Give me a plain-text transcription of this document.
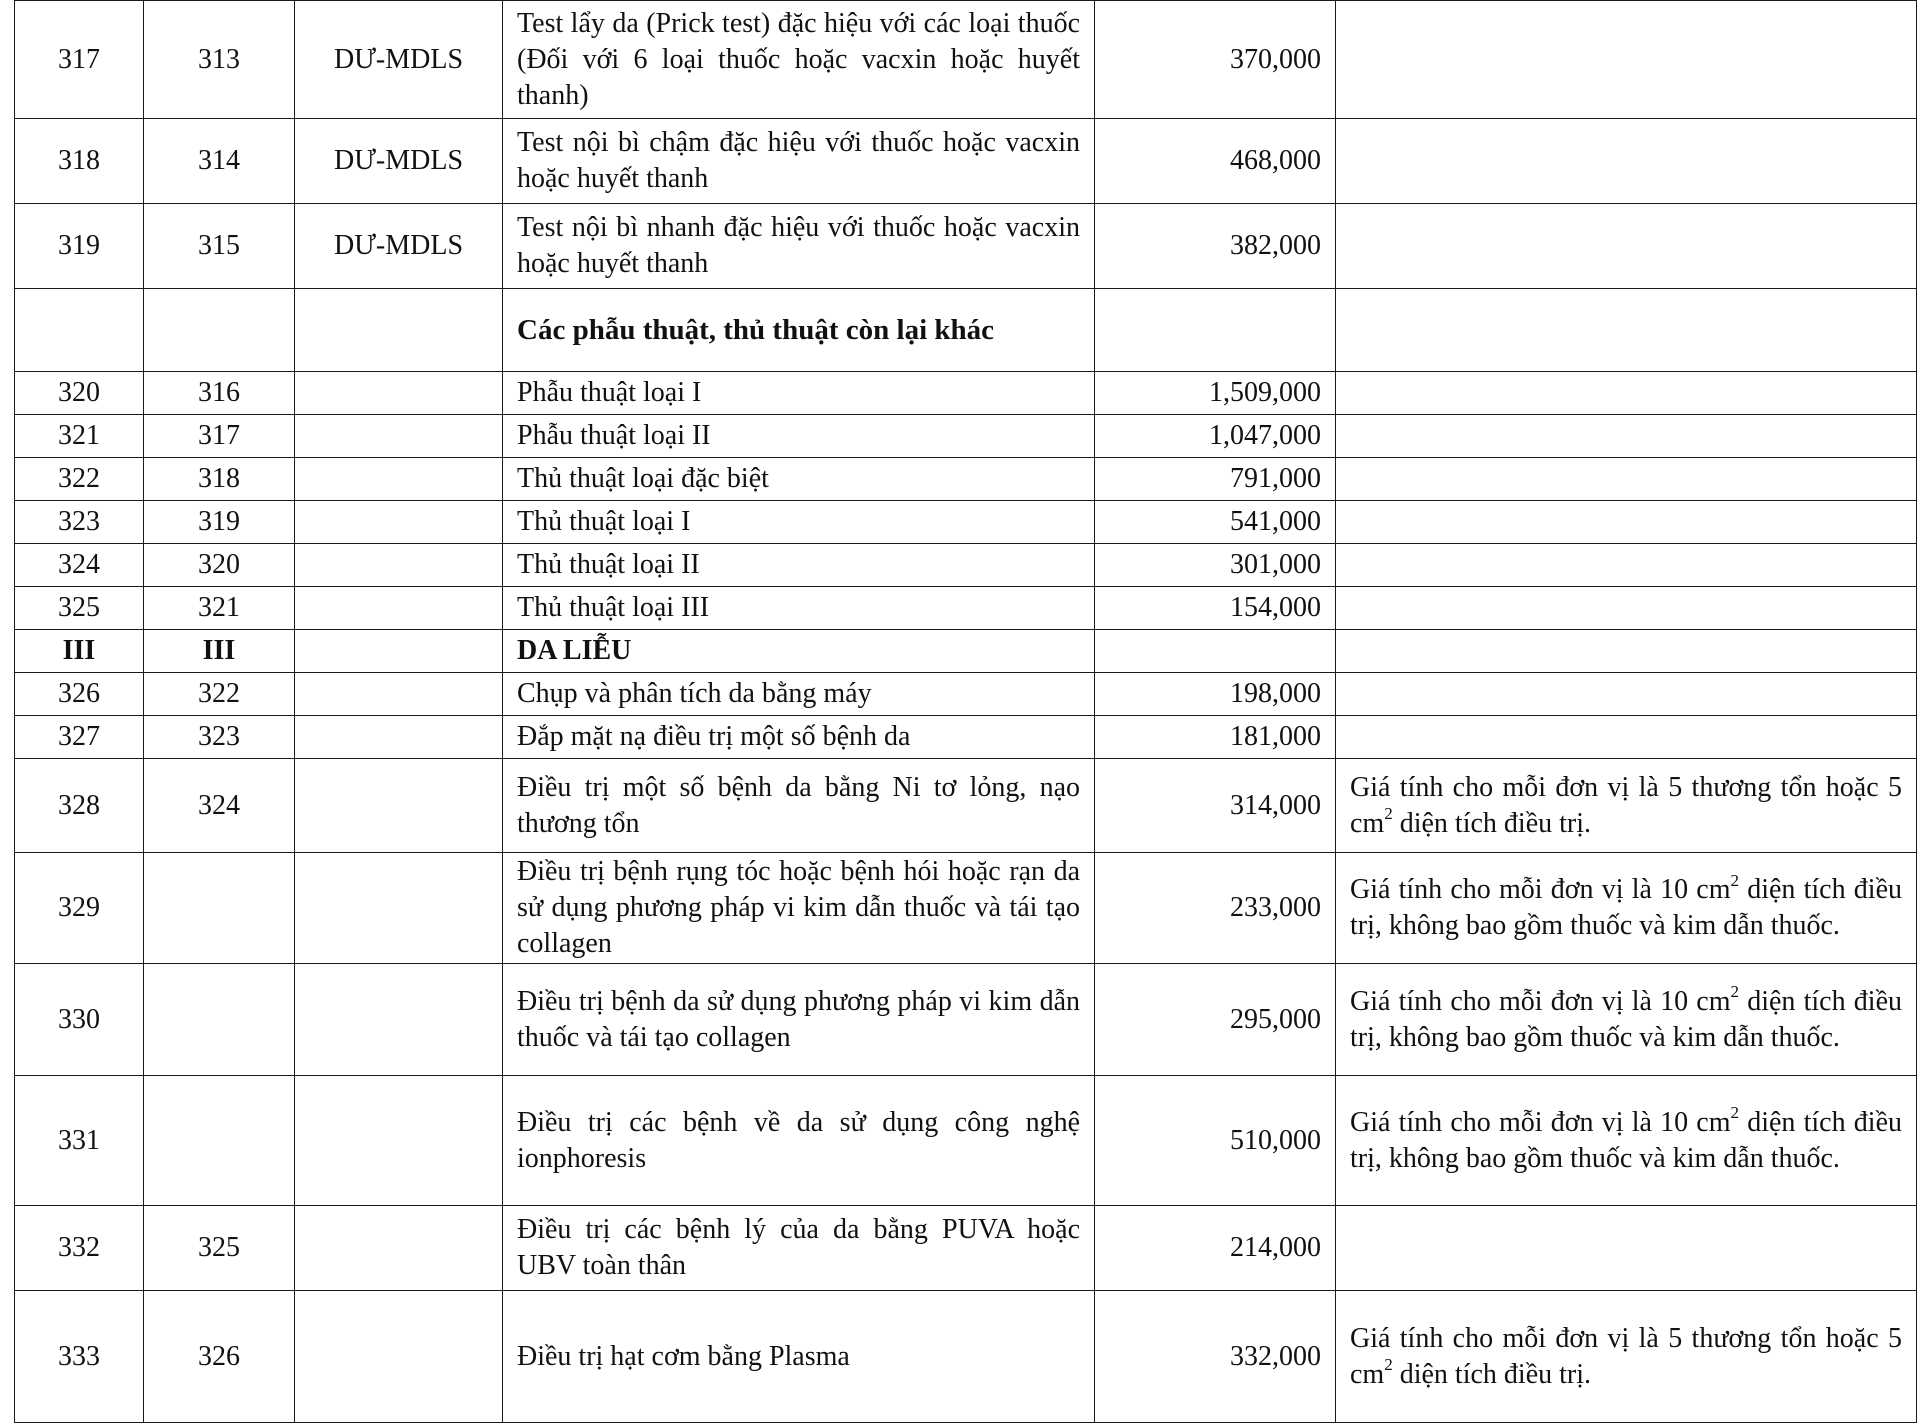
317	313	DƯ-MDLS	Test lẩy da (Prick test) đặc hiệu với các loại thuốc (Đối với 6 loại thuốc hoặc vacxin hoặc huyết thanh)	370,000	
318	314	DƯ-MDLS	Test nội bì chậm đặc hiệu với thuốc hoặc vacxin hoặc huyết thanh	468,000	
319	315	DƯ-MDLS	Test nội bì nhanh đặc hiệu với thuốc hoặc vacxin hoặc huyết thanh	382,000	
			Các phẫu thuật, thủ thuật còn lại khác		
320	316		Phẫu thuật loại I	1,509,000	
321	317		Phẫu thuật loại II	1,047,000	
322	318		Thủ thuật loại đặc biệt	791,000	
323	319		Thủ thuật loại I	541,000	
324	320		Thủ thuật loại II	301,000	
325	321		Thủ thuật loại III	154,000	
III	III		DA LIỄU		
326	322		Chụp và phân tích da bằng máy	198,000	
327	323		Đắp mặt nạ điều trị một số bệnh da	181,000	
328	324		Điều trị một số bệnh da bằng Ni tơ lỏng, nạo thương tổn	314,000	Giá tính cho mỗi đơn vị là 5 thương tổn hoặc 5 $cm^2$ diện tích điều trị.
329			Điều trị bệnh rụng tóc hoặc bệnh hói hoặc rạn da sử dụng phương pháp vi kim dẫn thuốc và tái tạo collagen	233,000	Giá tính cho mỗi đơn vị là 10 $cm^2$ diện tích điều trị, không bao gồm thuốc và kim dẫn thuốc.
330			Điều trị bệnh da sử dụng phương pháp vi kim dẫn thuốc và tái tạo collagen	295,000	Giá tính cho mỗi đơn vị là 10 $cm^2$ diện tích điều trị, không bao gồm thuốc và kim dẫn thuốc.
331			Điều trị các bệnh về da sử dụng công nghệ ionphoresis	510,000	Giá tính cho mỗi đơn vị là 10 $cm^2$ diện tích điều trị, không bao gồm thuốc và kim dẫn thuốc.
332	325		Điều trị các bệnh lý của da bằng PUVA hoặc UBV toàn thân	214,000	
333	326		Điều trị hạt cơm bằng Plasma	332,000	Giá tính cho mỗi đơn vị là 5 thương tổn hoặc 5 $cm^2$ diện tích điều trị.
